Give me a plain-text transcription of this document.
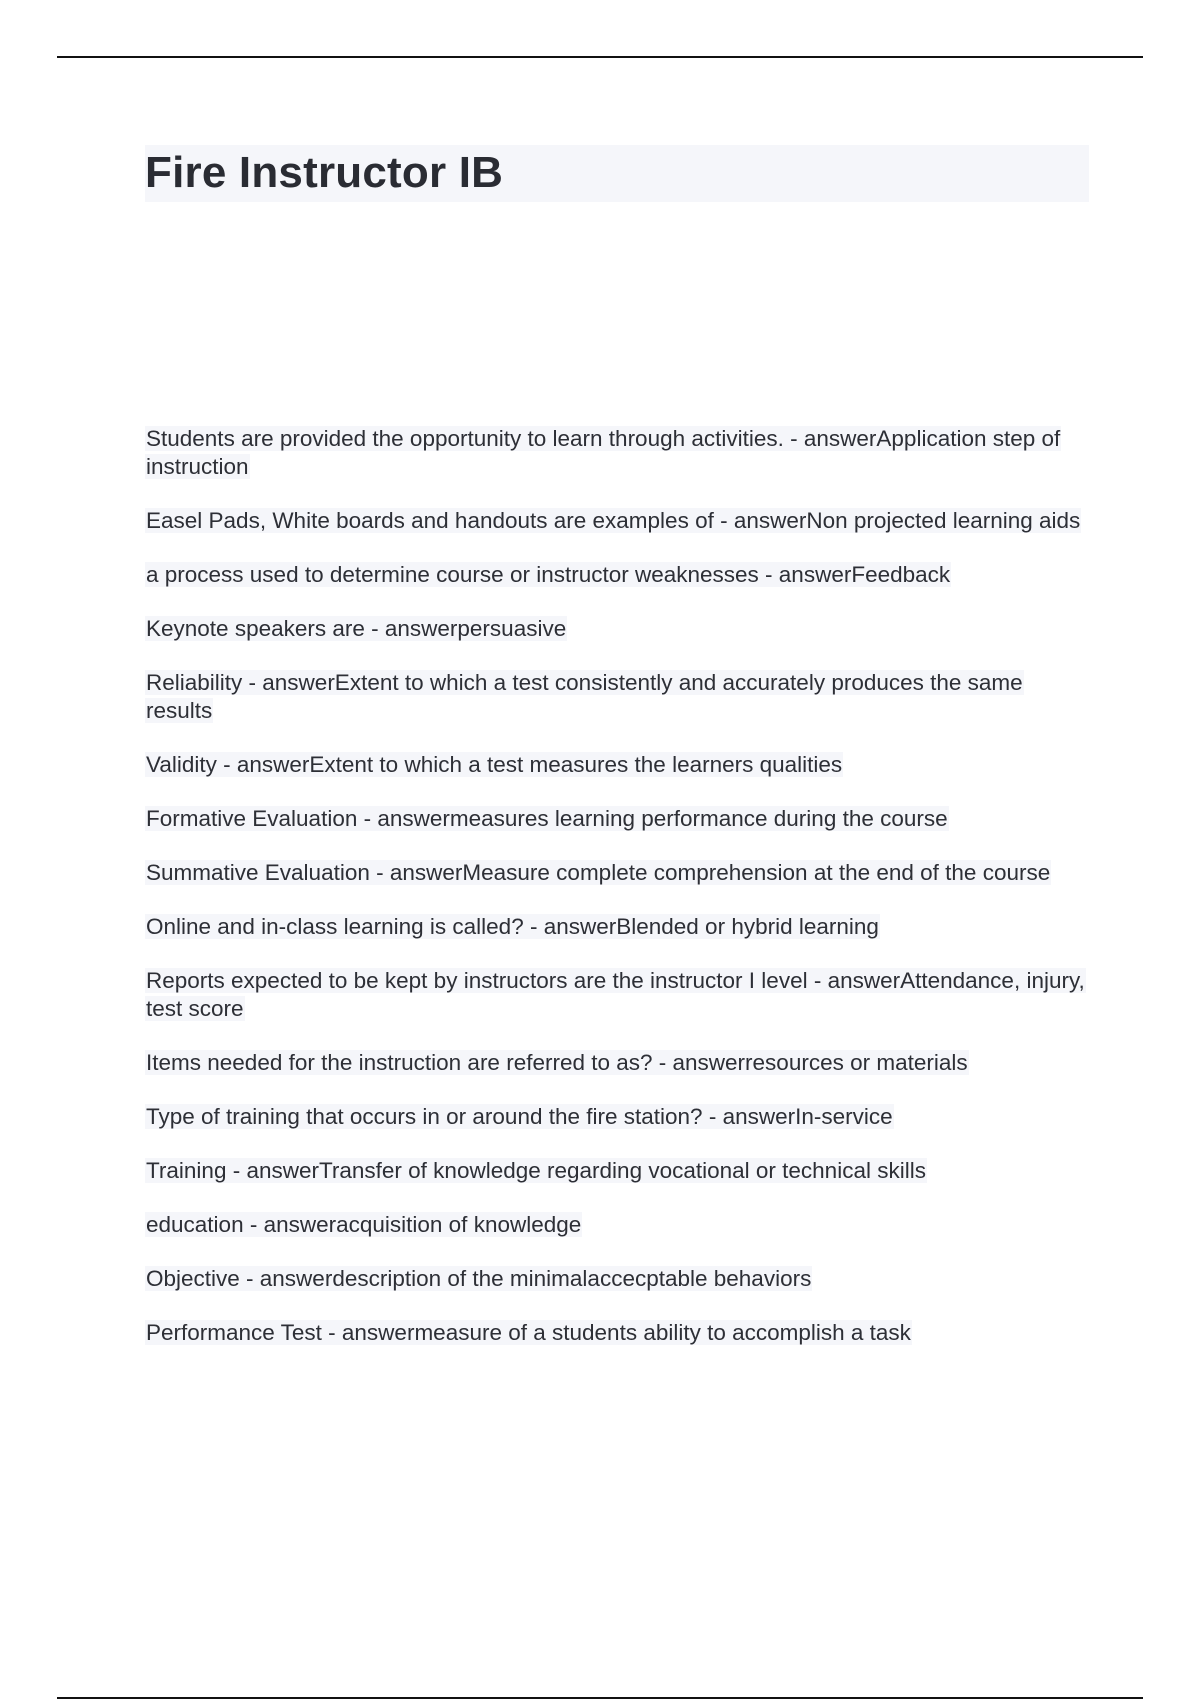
Fire Instructor IB
Students are provided the opportunity to learn through activities. - answerApplication step of instruction
Easel Pads, White boards and handouts are examples of - answerNon projected learning aids
a process used to determine course or instructor weaknesses - answerFeedback
Keynote speakers are - answerpersuasive
Reliability - answerExtent to which a test consistently and accurately produces the same results
Validity - answerExtent to which a test measures the learners qualities
Formative Evaluation - answermeasures learning performance during the course
Summative Evaluation - answerMeasure complete comprehension at the end of the course
Online and in-class learning is called? - answerBlended or hybrid learning
Reports expected to be kept by instructors are the instructor I level - answerAttendance, injury, test score
Items needed for the instruction are referred to as? - answerresources or materials
Type of training that occurs in or around the fire station? - answerIn-service
Training - answerTransfer of knowledge regarding vocational or technical skills
education - answeracquisition of knowledge
Objective - answerdescription of the minimalaccecptable behaviors
Performance Test - answermeasure of a students ability to accomplish a task
